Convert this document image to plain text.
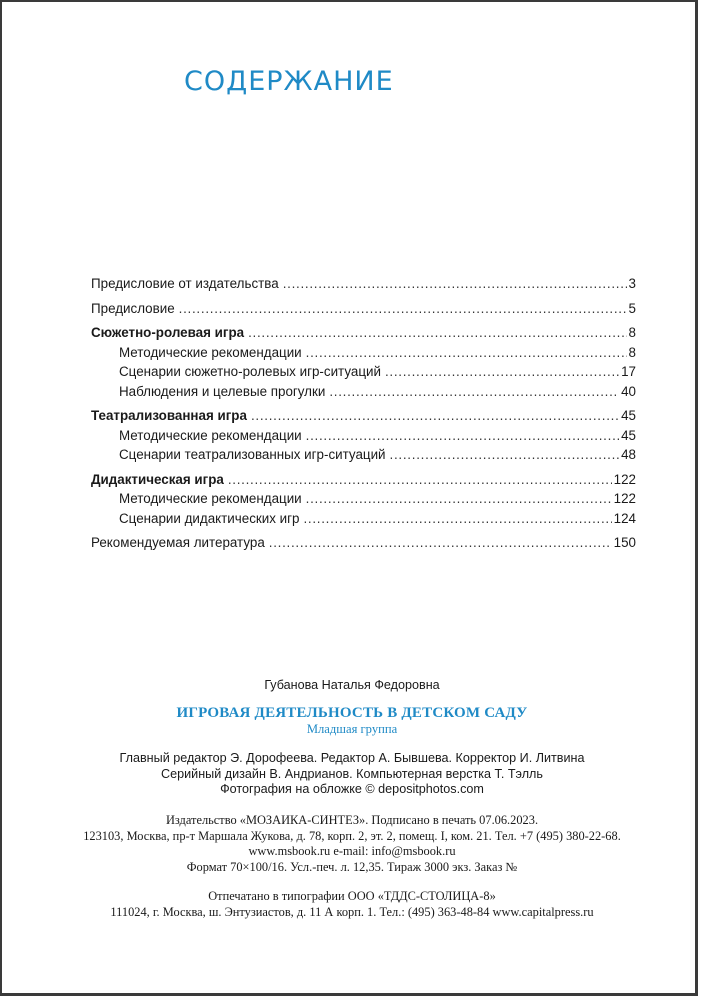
СОДЕРЖАНИЕ
Предисловие от издательства . . .	3
Предисловие . . .	5
Сюжетно-ролевая игра . . .	8
Методические рекомендации . . .	8
Сценарии сюжетно-ролевых игр-ситуаций . . .	17
Наблюдения и целевые прогулки . . .	40
Театрализованная игра . . .	45
Методические рекомендации . . .	45
Сценарии театрализованных игр-ситуаций . . .	48
Дидактическая игра . . .	122
Методические рекомендации . . .	122
Сценарии дидактических игр . . .	124
Рекомендуемая литература . . .	150
Губанова Наталья Федоровна
ИГРОВАЯ ДЕЯТЕЛЬНОСТЬ В ДЕТСКОМ САДУ
Младшая группа
Главный редактор Э. Дорофеева. Редактор А. Бывшева. Корректор И. Литвина
Серийный дизайн В. Андрианов. Компьютерная верстка Т. Тэлль
Фотография на обложке © depositphotos.com
Издательство «МОЗАИКА-СИНТЕЗ». Подписано в печать 07.06.2023.
123103, Москва, пр-т Маршала Жукова, д. 78, корп. 2, эт. 2, помещ. I, ком. 21. Тел. +7 (495) 380-22-68.
www.msbook.ru e-mail: info@msbook.ru
Формат 70×100/16. Усл.-печ. л. 12,35. Тираж 3000 экз. Заказ №
Отпечатано в типографии ООО «ТДДС-СТОЛИЦА-8»
111024, г. Москва, ш. Энтузиастов, д. 11 А корп. 1. Тел.: (495) 363-48-84 www.capitalpress.ru
